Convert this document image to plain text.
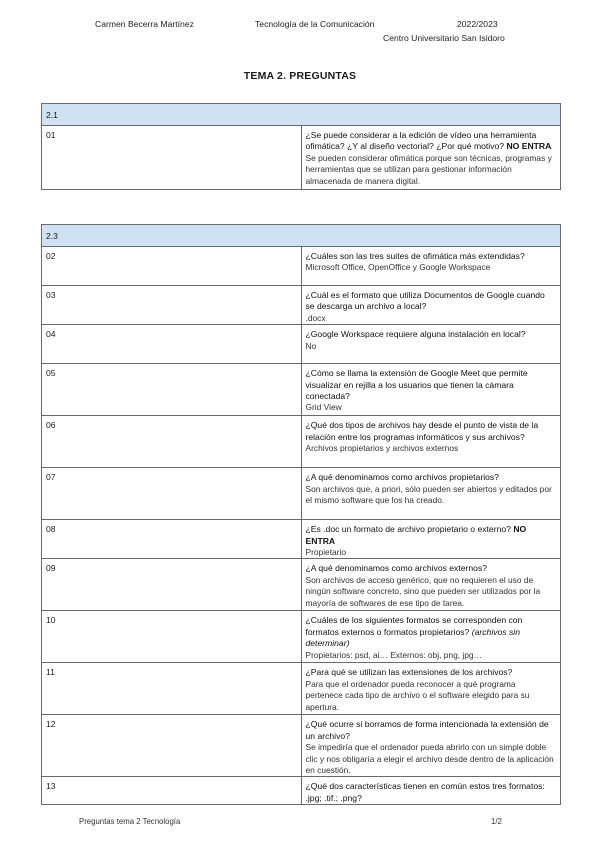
Carmen Becerra Martínez	Tecnología de la Comunicación	2022/2023
Centro Universitario San Isidoro
TEMA 2. PREGUNTAS
2.1
01	¿Se puede considerar a la edición de vídeo una herramienta ofimática? ¿Y al diseño vectorial? ¿Por qué motivo? NO ENTRA
Se pueden considerar ofimática porque son técnicas, programas y herramientas que se utilizan para gestionar información almacenada de manera digital.
2.3	
02	¿Cuáles son las tres suites de ofimática más extendidas?
Microsoft Office, OpenOffice y Google Workspace
03	¿Cuál es el formato que utiliza Documentos de Google cuando se descarga un archivo a local?
.docx
04	¿Google Workspace requiere alguna instalación en local?
No
05	¿Cómo se llama la extensión de Google Meet que permite visualizar en rejilla a los usuarios que tienen la cámara conectada?
Grid View
06	¿Qué dos tipos de archivos hay desde el punto de vista de la relación entre los programas informáticos y sus archivos?
Archivos propietarios y archivos externos
07	¿A qué denominamos como archivos propietarios?
Son archivos que, a priori, sólo pueden ser abiertos y editados por el mismo software que los ha creado.
08	¿Es .doc un formato de archivo propietario o externo? NO ENTRA
Propietario
09	¿A qué denominamos como archivos externos?
Son archivos de acceso genérico, que no requieren el uso de ningún software concreto, sino que pueden ser utilizados por la mayoría de softwares de ese tipo de tarea.
10	¿Cuáles de los siguientes formatos se corresponden con formatos externos o formatos propietarios? (archivos sin determinar)
Propietarios: psd, ai… Externos: obj, png, jpg…
11	¿Para qué se utilizan las extensiones de los archivos?
Para que el ordenador pueda reconocer a qué programa pertenece cada tipo de archivo o el software elegido para su apertura.
12	¿Qué ocurre si borramos de forma intencionada la extensión de un archivo?
Se impediría que el ordenador pueda abrirlo con un simple doble clic y nos obligaría a elegir el archivo desde dentro de la aplicación en cuestión.
13	¿Qué dos características tienen en común estos tres formatos: .jpg; .tif.; .png?
Preguntas tema 2 Tecnología	1/2
